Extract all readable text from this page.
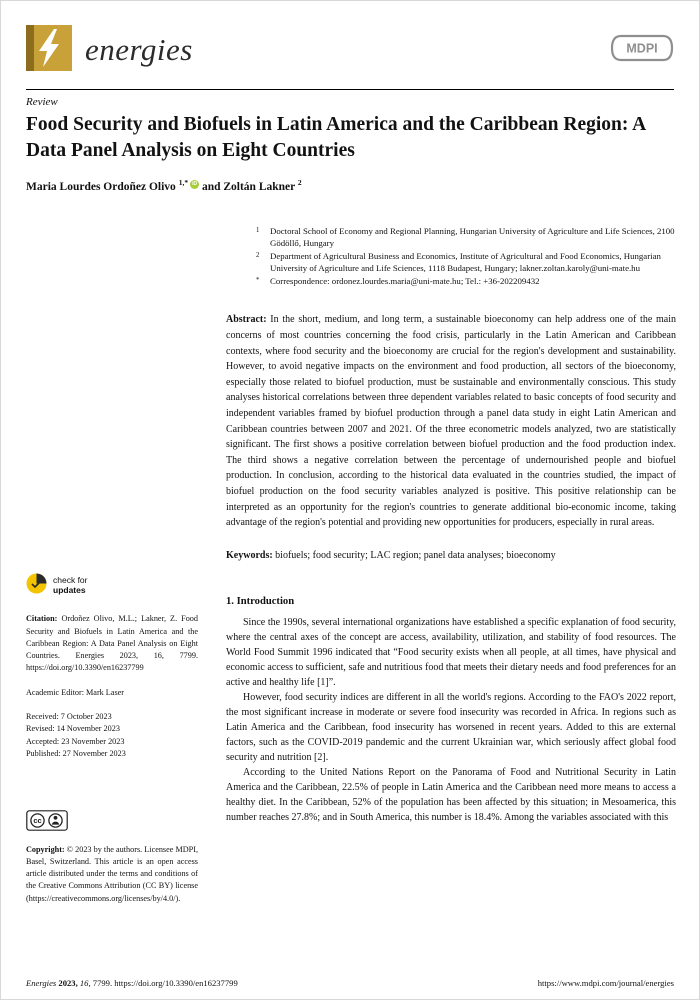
energies	MDPI
Review
Food Security and Biofuels in Latin America and the Caribbean Region: A Data Panel Analysis on Eight Countries
Maria Lourdes Ordoñez Olivo $^{1,*}$ iD and Zoltán Lakner $^2$
1	Doctoral School of Economy and Regional Planning, Hungarian University of Agriculture and Life Sciences, 2100 Gödöllő, Hungary
2	Department of Agricultural Business and Economics, Institute of Agricultural and Food Economics, Hungarian University of Agriculture and Life Sciences, 1118 Budapest, Hungary; lakner.zoltan.karoly@uni-mate.hu
*	Correspondence: ordonez.lourdes.maria@uni-mate.hu; Tel.: +36-202209432

Abstract: In the short, medium, and long term, a sustainable bioeconomy can help address one of the main concerns of most countries concerning the food crisis, particularly in the Latin American and Caribbean contexts, where food security and the bioeconomy are crucial for the region's development and sustainability. However, to avoid negative impacts on the environment and food production, all sectors of the bioeconomy, especially those related to biofuel production, must be sustainable and environmentally conscious. This study analyses historical correlations between three dependent variables related to basic concepts of food security and independent variables framed by biofuel production through a panel data study in eight Latin American and Caribbean countries between 2007 and 2021. Of the three econometric models analyzed, two are statistically significant. The first shows a positive correlation between biofuel production and the food production index. The third shows a negative correlation between the percentage of undernourished people and biofuel production. In conclusion, according to the historical data evaluated in the countries studied, the impact of biofuel production on the food security variables analyzed is positive. This positive relationship can be interpreted as an opportunity for the region's countries to generate additional bio-economic income, taking advantage of the region's potential and providing new opportunities for producers, especially in rural areas.

Keywords: biofuels; food security; LAC region; panel data analyses; bioeconomy

1. Introduction

Since the 1990s, several international organizations have established a specific explanation of food security, where the central axes of the concept are access, availability, utilization, and stability of food resources. The World Food Summit 1996 indicated that “Food security exists when all people, at all times, have physical and economic access to sufficient, safe and nutritious food that meets their dietary needs and food preferences for an active and healthy life [1]”.

However, food security indices are different in all the world's regions. According to the FAO's 2022 report, the most significant increase in moderate or severe food insecurity was recorded in Africa. In regions such as Latin America and the Caribbean, food insecurity has worsened in recent years. Added to this are external factors, such as the COVID-2019 pandemic and the current Ukrainian war, which seriously affect global food security and nutrition [2].

According to the United Nations Report on the Panorama of Food and Nutritional Security in Latin America and the Caribbean, 22.5% of people in Latin America and the Caribbean need more means to access a healthy diet. In the Caribbean, 52% of the population has been affected by this situation; in Mesoamerica, this number reaches 27.8%; and in South America, this number is 18.4%. Among the variables associated with this

check for
updates

Citation: Ordoñez Olivo, M.L.; Lakner, Z. Food Security and Biofuels in Latin America and the Caribbean Region: A Data Panel Analysis on Eight Countries. Energies 2023, 16, 7799. https://doi.org/10.3390/en16237799

Academic Editor: Mark Laser

Received: 7 October 2023
Revised: 14 November 2023
Accepted: 23 November 2023
Published: 27 November 2023
cc

Copyright: © 2023 by the authors. Licensee MDPI, Basel, Switzerland. This article is an open access article distributed under the terms and conditions of the Creative Commons Attribution (CC BY) license (https://creativecommons.org/licenses/by/4.0/).

Energies 2023, 16, 7799. https://doi.org/10.3390/en16237799	https://www.mdpi.com/journal/energies
